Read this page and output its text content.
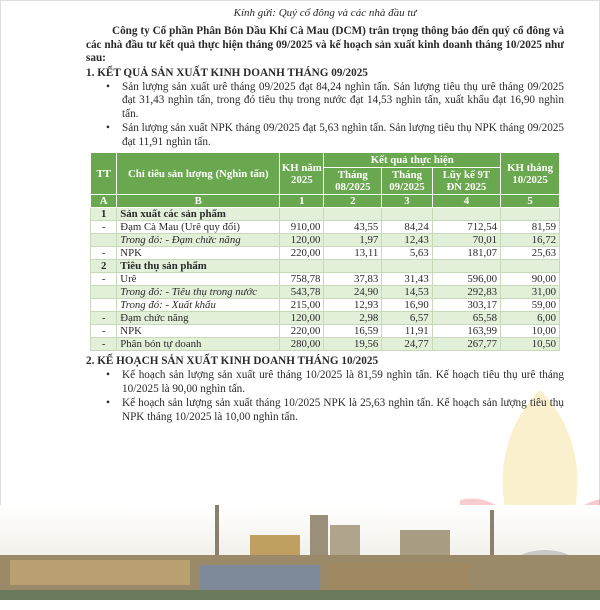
Kính gửi: Quý cổ đông và các nhà đầu tư

Công ty Cổ phần Phân Bón Dầu Khí Cà Mau (DCM) trân trọng thông báo đến quý cổ đông và các nhà đầu tư kết quả thực hiện tháng 09/2025 và kế hoạch sản xuất kinh doanh tháng 10/2025 như sau:

1. KẾT QUẢ SẢN XUẤT KINH DOANH THÁNG 09/2025

• Sản lượng sản xuất urê tháng 09/2025 đạt 84,24 nghìn tấn. Sản lượng tiêu thụ urê tháng 09/2025 đạt 31,43 nghìn tấn, trong đó tiêu thụ trong nước đạt 14,53 nghìn tấn, xuất khẩu đạt 16,90 nghìn tấn.
• Sản lượng sản xuất NPK tháng 09/2025 đạt 5,63 nghìn tấn. Sản lượng tiêu thụ NPK tháng 09/2025 đạt 11,91 nghìn tấn.
TT	Chỉ tiêu sản lượng (Nghìn tấn)	KH năm 2025	Kết quả thực hiện			KH tháng 10/2025
			Tháng 08/2025	Tháng 09/2025	Lũy kế 9T ĐN 2025	
A	B	1	2	3	4	5
1	Sản xuất các sản phẩm					
-	Đạm Cà Mau (Urê quy đổi)	910,00	43,55	84,24	712,54	81,59
	Trong đó: - Đạm chức năng	120,00	1,97	12,43	70,01	16,72
-	NPK	220,00	13,11	5,63	181,07	25,63
2	Tiêu thụ sản phẩm					
-	Urê	758,78	37,83	31,43	596,00	90,00
	Trong đó: - Tiêu thụ trong nước	543,78	24,90	14,53	292,83	31,00
	Trong đó: - Xuất khẩu	215,00	12,93	16,90	303,17	59,00
-	Đạm chức năng	120,00	2,98	6,57	65,58	6,00
-	NPK	220,00	16,59	11,91	163,99	10,00
-	Phân bón tự doanh	280,00	19,56	24,77	267,77	10,50

2. KẾ HOẠCH SẢN XUẤT KINH DOANH THÁNG 10/2025

• Kế hoạch sản lượng sản xuất urê tháng 10/2025 là 81,59 nghìn tấn. Kế hoạch tiêu thụ urê tháng 10/2025 là 90,00 nghìn tấn.
• Kế hoạch sản lượng sản xuất tháng 10/2025 NPK là 25,63 nghìn tấn. Kế hoạch sản lượng tiêu thụ NPK tháng 10/2025 là 10,00 nghìn tấn.
